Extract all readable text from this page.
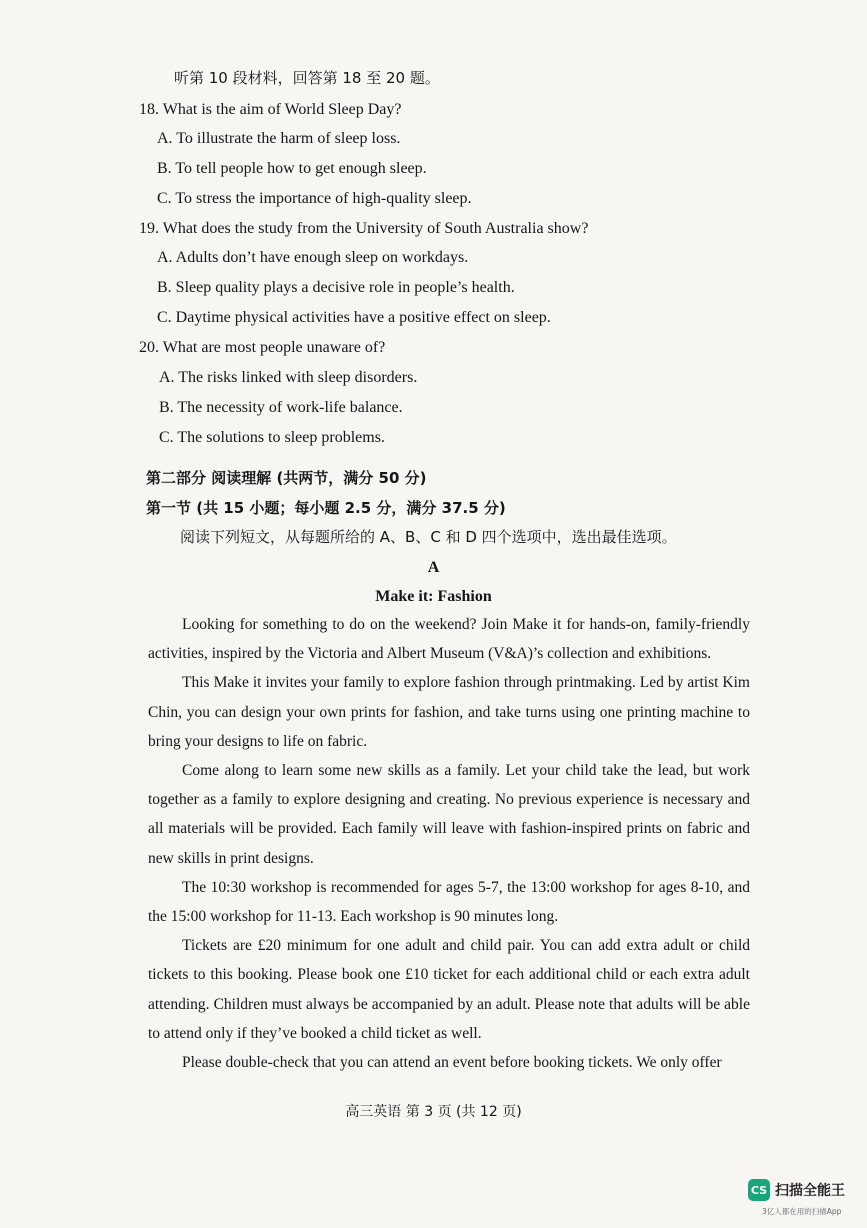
听第 10 段材料，回答第 18 至 20 题。
18. What is the aim of World Sleep Day?
A. To illustrate the harm of sleep loss.
B. To tell people how to get enough sleep.
C. To stress the importance of high-quality sleep.
19. What does the study from the University of South Australia show?
A. Adults don’t have enough sleep on workdays.
B. Sleep quality plays a decisive role in people’s health.
C. Daytime physical activities have a positive effect on sleep.
20. What are most people unaware of?
A. The risks linked with sleep disorders.
B. The necessity of work-life balance.
C. The solutions to sleep problems.
第二部分 阅读理解 (共两节，满分 50 分)
第一节 (共 15 小题；每小题 2.5 分，满分 37.5 分)
阅读下列短文，从每题所给的 A、B、C 和 D 四个选项中，选出最佳选项。
A
Make it: Fashion

Looking for something to do on the weekend? Join Make it for hands-on, family-friendly activities, inspired by the Victoria and Albert Museum (V&A)’s collection and exhibitions.

This Make it invites your family to explore fashion through printmaking. Led by artist Kim Chin, you can design your own prints for fashion, and take turns using one printing machine to bring your designs to life on fabric.

Come along to learn some new skills as a family. Let your child take the lead, but work together as a family to explore designing and creating. No previous experience is necessary and all materials will be provided. Each family will leave with fashion-inspired prints on fabric and new skills in print designs.

The 10:30 workshop is recommended for ages 5-7, the 13:00 workshop for ages 8-10, and the 15:00 workshop for 11-13. Each workshop is 90 minutes long.

Tickets are £20 minimum for one adult and child pair. You can add extra adult or child tickets to this booking. Please book one £10 ticket for each additional child or each extra adult attending. Children must always be accompanied by an adult. Please note that adults will be able to attend only if they’ve booked a child ticket as well.

Please double-check that you can attend an event before booking tickets. We only offer

高三英语 第 3 页 (共 12 页)
CS 扫描全能王
3亿人都在用的扫描App
